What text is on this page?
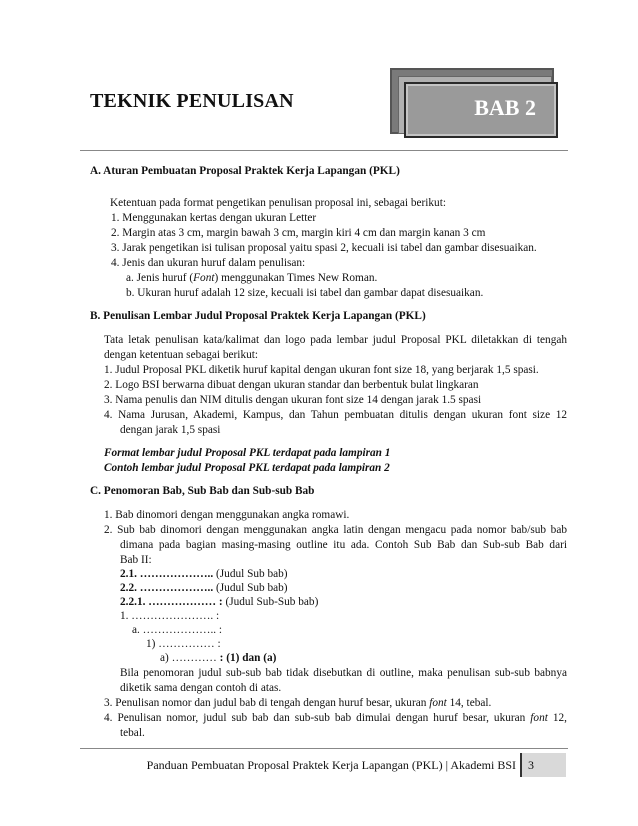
TEKNIK PENULISAN	BAB 2
A. Aturan Pembuatan Proposal Praktek Kerja Lapangan (PKL)
Ketentuan pada format pengetikan penulisan proposal ini, sebagai berikut:
1. Menggunakan kertas dengan ukuran Letter
2. Margin atas 3 cm, margin bawah 3 cm, margin kiri 4 cm dan margin kanan 3 cm
3. Jarak pengetikan isi tulisan proposal yaitu spasi 2, kecuali isi tabel dan gambar disesuaikan.
4. Jenis dan ukuran huruf dalam penulisan:
a. Jenis huruf (Font) menggunakan Times New Roman.
b. Ukuran huruf adalah 12 size, kecuali isi tabel dan gambar dapat disesuaikan.
B. Penulisan Lembar Judul Proposal Praktek Kerja Lapangan (PKL)
Tata letak penulisan kata/kalimat dan logo pada lembar judul Proposal PKL diletakkan di tengah
dengan ketentuan sebagai berikut:
1. Judul Proposal PKL diketik huruf kapital dengan ukuran font size 18, yang berjarak 1,5 spasi.
2. Logo BSI berwarna dibuat dengan ukuran standar dan berbentuk bulat lingkaran
3. Nama penulis dan NIM ditulis dengan ukuran font size 14 dengan jarak 1.5 spasi
4. Nama Jurusan, Akademi, Kampus, dan Tahun pembuatan ditulis dengan ukuran font size 12
dengan jarak 1,5 spasi
Format lembar judul Proposal PKL terdapat pada lampiran 1
Contoh lembar judul Proposal PKL terdapat pada lampiran 2
C. Penomoran Bab, Sub Bab dan Sub-sub Bab
1. Bab dinomori dengan menggunakan angka romawi.
2. Sub bab dinomori dengan menggunakan angka latin dengan mengacu pada nomor bab/sub bab
dimana pada bagian masing-masing outline itu ada. Contoh Sub Bab dan Sub-sub Bab dari
Bab II:
2.1. ……………….. (Judul Sub bab)
2.2. ……………….. (Judul Sub bab)
2.2.1. ……………… : (Judul Sub-Sub bab)
1. …………………. :
a. ……………….. :
1) …………… :
a) ………… : (1) dan (a)
Bila penomoran judul sub-sub bab tidak disebutkan di outline, maka penulisan sub-sub babnya
diketik sama dengan contoh di atas.
3. Penulisan nomor dan judul bab di tengah dengan huruf besar, ukuran font 14, tebal.
4. Penulisan nomor, judul sub bab dan sub-sub bab dimulai dengan huruf besar, ukuran font 12,
tebal.
Panduan Pembuatan Proposal Praktek Kerja Lapangan (PKL) | Akademi BSI 3
